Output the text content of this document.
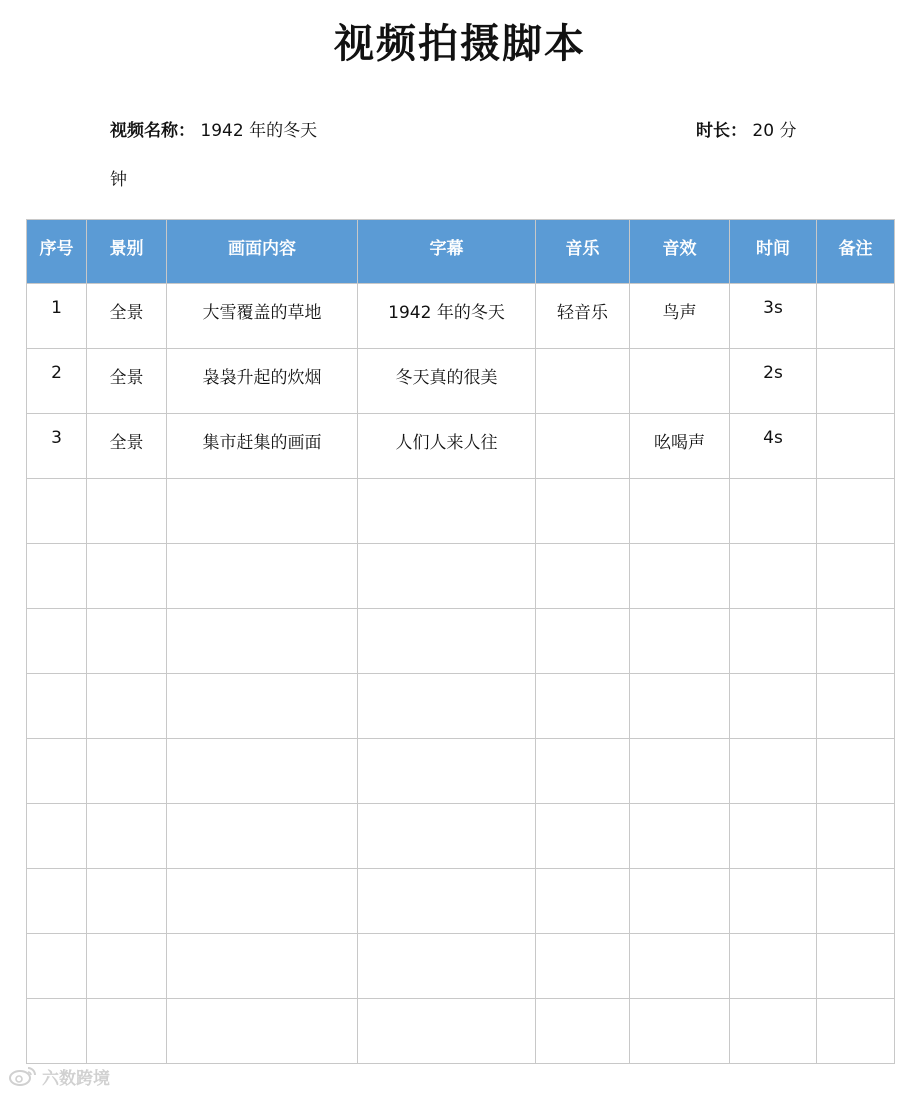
视频拍摄脚本
视频名称： 1942 年的冬天	时长： 20 分
钟
序号	景别	画面内容	字幕	音乐	音效	时间	备注
1	全景	大雪覆盖的草地	1942 年的冬天	轻音乐	鸟声	3s	
2	全景	袅袅升起的炊烟	冬天真的很美			2s	
3	全景	集市赶集的画面	人们人来人往		吆喝声	4s	

六数跨境
